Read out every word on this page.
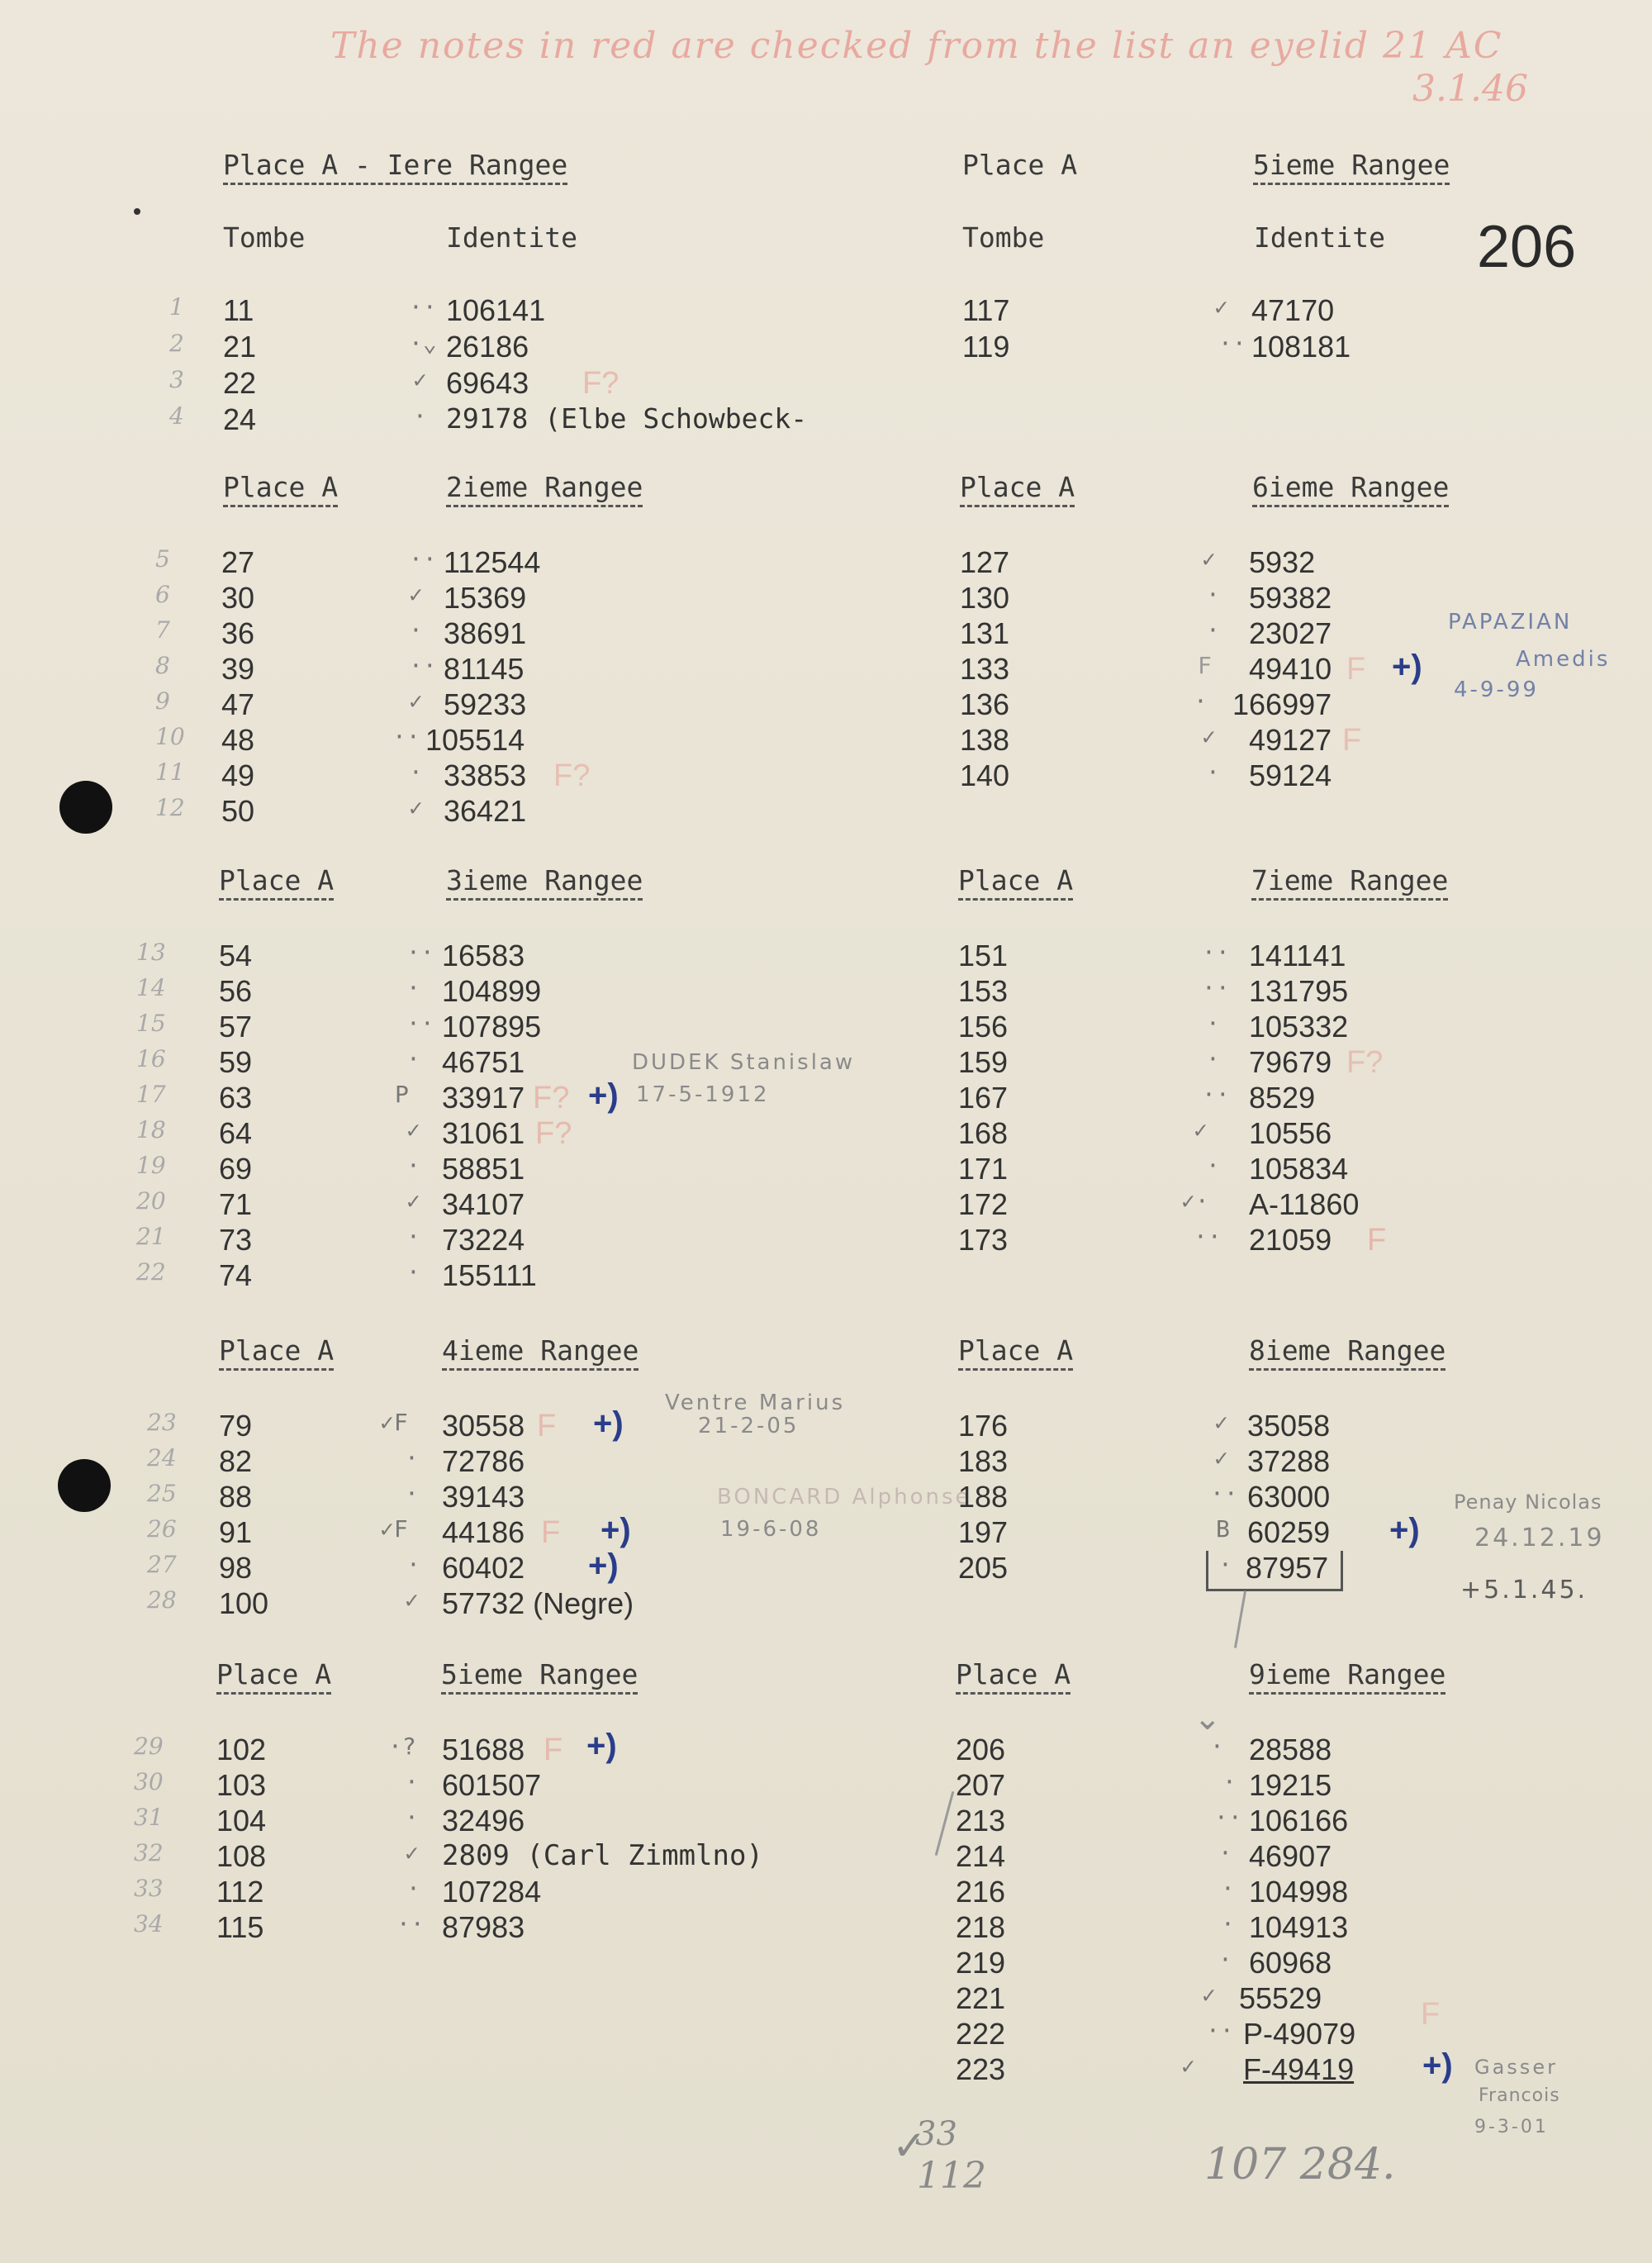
The notes in red are checked from the list an eyelid 21 AC
3.1.46
206
Place A - Iere Rangee
Tombe	Identite
1 11	·· 106141
2 21	·⌄ 26186
3 22	✓ 69643 F?
4 24	· 29178 (Elbe Schowbeck-
Place A	2ieme Rangee
5 27	·· 112544
6 30	✓ 15369
7 36	· 38691
8 39	·· 81145
9 47	✓ 59233
10 48	·· 105514
11 49	· 33853 F?
12 50	✓ 36421
Place A	3ieme Rangee
13 54	·· 16583
14 56	· 104899
15 57	·· 107895
16 59	· 46751	DUDEK Stanislaw
17 63	P 33917 F? +) 17-5-1912
18 64	✓ 31061 F?
19 69	· 58851
20 71	✓ 34107
21 73	· 73224
22 74	· 155111
Place A	4ieme Rangee
23 79	✓F 30558 F +)
Ventre Marius
21-2-05
24 82	· 72786
25 88	· 39143	BONCARD Alphonse
26 91	✓F 44186 F +)	19-6-08
27 98	· 60402 +)
28 100	✓ 57732 (Negre)
Place A	5ieme Rangee
29 102	·? 51688 F +)
30 103	· 601507
31 104	· 32496
32 108	✓ 2809 (Carl Zimmlno)
33 112	· 107284
34 115	·· 87983
Place A	5ieme Rangee
Tombe	Identite
117	✓ 47170
119	·· 108181
Place A	6ieme Rangee
127	✓ 5932
130	· 59382
131	· 23027	PAPAZIAN
133	F 49410 F +)	Amedis
136	· 166997	4-9-99
138	✓ 49127 F
140	· 59124
Place A	7ieme Rangee
151	·· 141141
153	·· 131795
156	· 105332
159	· 79679 F?
167	·· 8529
168	✓ 10556
171	· 105834
172	✓· A-11860
173	·· 21059 F
Place A	8ieme Rangee
176	✓ 35058
183	✓ 37288
188	·· 63000
197	B 60259 +)
Penay Nicolas
24.12.19
205	· 87957
+5.1.45.
Place A	9ieme Rangee
⌄
206	· 28588
207	· 19215
213	·· 106166
214	· 46907
216	· 104998
218	· 104913
219	· 60968
221	✓ 55529
222	·· P-49079
F
223	✓ F-49419 +) Gasser
Francois
9-3-01
33
✓
112	107 284.
